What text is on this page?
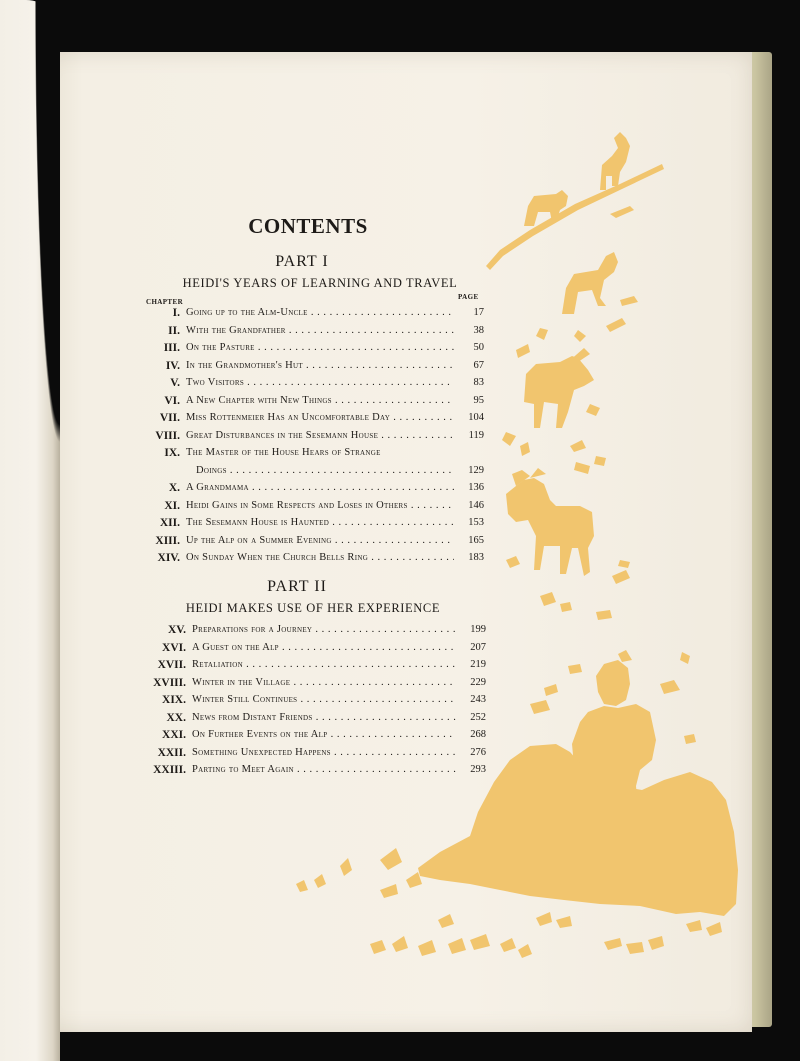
CONTENTS
PART I
HEIDI'S YEARS OF LEARNING AND TRAVEL
CHAPTER
PAGE
I. Going up to the Alm-Uncle . . .	17
II. With the Grandfather . . .	38
III. On the Pasture . . .	50
IV. In the Grandmother's Hut . . .	67
V. Two Visitors . . .	83
VI. A New Chapter with New Things . . .	95
VII. Miss Rottenmeier Has an Uncomfortable Day . . .	104
VIII. Great Disturbances in the Sesemann House . . .	119
IX. The Master of the House Hears of Strange
Doings . . .	129
X. A Grandmama . . .	136
XI. Heidi Gains in Some Respects and Loses in Others . . .	146
XII. The Sesemann House is Haunted . . .	153
XIII. Up the Alp on a Summer Evening . . .	165
XIV. On Sunday When the Church Bells Ring . . .	183
PART II
HEIDI MAKES USE OF HER EXPERIENCE
XV. Preparations for a Journey . . .	199
XVI. A Guest on the Alp . . .	207
XVII. Retaliation . . .	219
XVIII. Winter in the Village . . .	229
XIX. Winter Still Continues . . .	243
XX. News from Distant Friends . . .	252
XXI. On Further Events on the Alp . . .	268
XXII. Something Unexpected Happens . . .	276
XXIII. Parting to Meet Again . . .	293
